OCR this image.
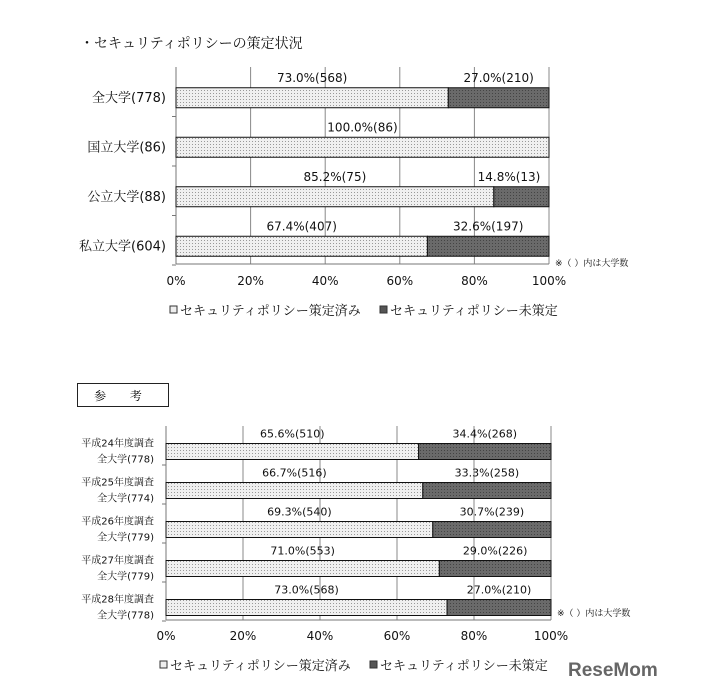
・セキュリティポリシーの策定状況
参 考
0%	20%	40%	60%	80%	100%
全大学(778)
73.0%(568)	27.0%(210)
国立大学(86)
100.0%(86)
公立大学(88)
85.2%(75)	14.8%(13)
私立大学(604)
67.4%(407)	32.6%(197)
※（ ）内は大学数
セキュリティポリシー策定済み セキュリティポリシー未策定
0%	20%	40%	60%	80%	100%
平成24年度調査
全大学(778)
65.6%(510)	34.4%(268)
平成25年度調査
全大学(774)
66.7%(516)	33.3%(258)
平成26年度調査
全大学(779)
69.3%(540)	30.7%(239)
平成27年度調査
全大学(779)
71.0%(553)	29.0%(226)
平成28年度調査
全大学(778)
73.0%(568)	27.0%(210)
※（ ）内は大学数
セキュリティポリシー策定済み セキュリティポリシー未策定 ReseMom
